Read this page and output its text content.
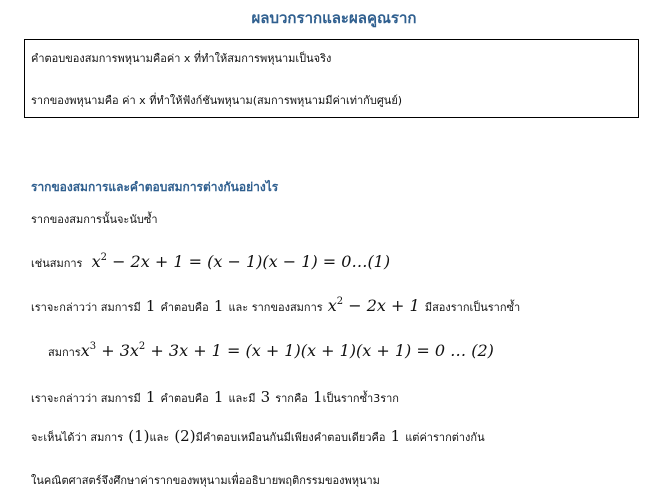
ผลบวกรากและผลคูณราก
คำตอบของสมการพหุนามคือค่า x ที่ทำให้สมการพหุนามเป็นจริง
รากของพหุนามคือ ค่า x ที่ทำให้ฟังก์ชันพหุนาม(สมการพหุนามมีค่าเท่ากับศูนย์)
รากของสมการและคำตอบสมการต่างกันอย่างไร
รากของสมการนั้นจะนับซ้ำ
เช่นสมการ $x^2 - 2x + 1 = (x - 1)(x - 1)$ = 0…(1)
เราจะกล่าวว่า สมการมี 1 คำตอบคือ 1 และ รากของสมการ $x^2 - 2x + 1$ มีสองรากเป็นรากซ้ำ
สมการ$x^3 + 3x^2 + 3x + 1 = (x + 1)(x + 1)(x + 1) = 0$ … (2)
เราจะกล่าวว่า สมการมี 1 คำตอบคือ 1 และมี 3 รากคือ 1เป็นรากซ้ำ3ราก
จะเห็นได้ว่า สมการ (1)และ (2)มีคำตอบเหมือนกันมีเพียงคำตอบเดียวคือ 1 แต่ค่ารากต่างกัน
ในคณิตศาสตร์จึงศึกษาค่ารากของพหุนามเพื่ออธิบายพฤติกรรมของพหุนาม
